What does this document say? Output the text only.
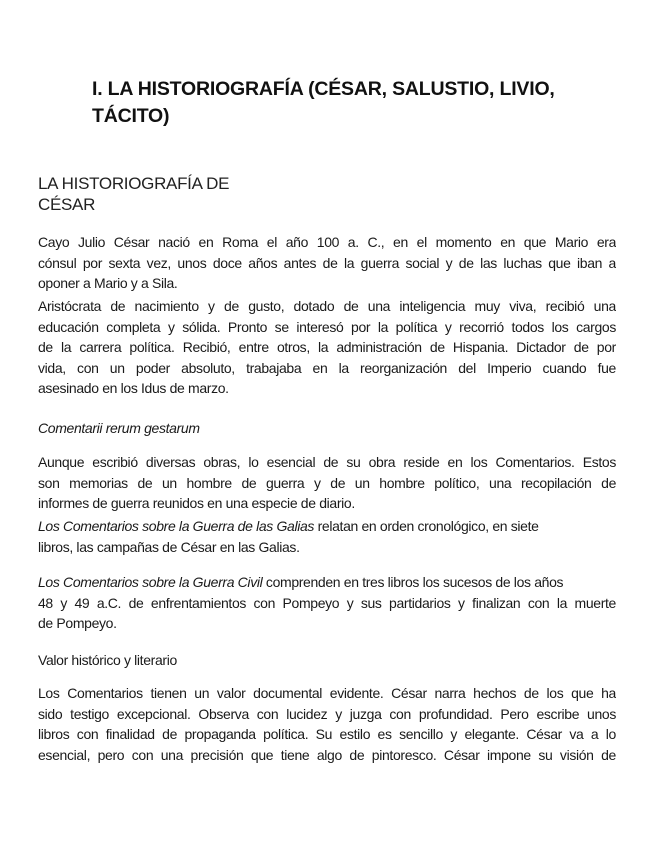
I. LA HISTORIOGRAFÍA (CÉSAR, SALUSTIO, LIVIO,
TÁCITO)
LA HISTORIOGRAFÍA DE
CÉSAR
Cayo Julio César nació en Roma el año 100 a. C., en el momento en que Mario era
cónsul por sexta vez, unos doce años antes de la guerra social y de las luchas que iban a
oponer a Mario y a Sila.
Aristócrata de nacimiento y de gusto, dotado de una inteligencia muy viva, recibió una
educación completa y sólida. Pronto se interesó por la política y recorrió todos los cargos
de la carrera política. Recibió, entre otros, la administración de Hispania. Dictador de por
vida, con un poder absoluto, trabajaba en la reorganización del Imperio cuando fue
asesinado en los Idus de marzo.
Comentarii rerum gestarum
Aunque escribió diversas obras, lo esencial de su obra reside en los Comentarios. Estos
son memorias de un hombre de guerra y de un hombre político, una recopilación de
informes de guerra reunidos en una especie de diario.
Los Comentarios sobre la Guerra de las Galias relatan en orden cronológico, en siete
libros, las campañas de César en las Galias.
Los Comentarios sobre la Guerra Civil comprenden en tres libros los sucesos de los años
48 y 49 a.C. de enfrentamientos con Pompeyo y sus partidarios y finalizan con la muerte
de Pompeyo.
Valor histórico y literario
Los Comentarios tienen un valor documental evidente. César narra hechos de los que ha
sido testigo excepcional. Observa con lucidez y juzga con profundidad. Pero escribe unos
libros con finalidad de propaganda política. Su estilo es sencillo y elegante. César va a lo
esencial, pero con una precisión que tiene algo de pintoresco. César impone su visión de
